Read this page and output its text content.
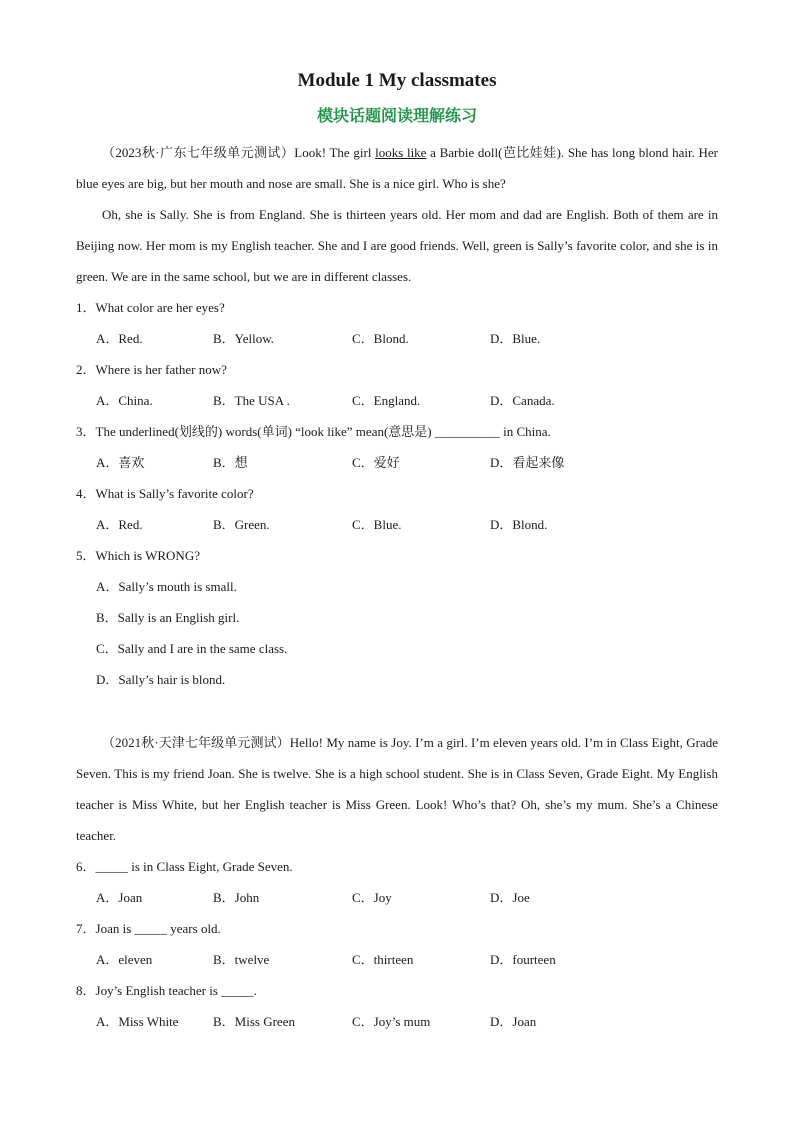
Module 1 My classmates
模块话题阅读理解练习

（2023秋·广东七年级单元测试）Look! The girl looks like a Barbie doll(芭比娃娃). She has long blond hair. Her blue eyes are big, but her mouth and nose are small. She is a nice girl. Who is she?

Oh, she is Sally. She is from England. She is thirteen years old. Her mom and dad are English. Both of them are in Beijing now. Her mom is my English teacher. She and I are good friends. Well, green is Sally’s favorite color, and she is in green. We are in the same school, but we are in different classes.

1．What color are her eyes?
A．Red.	B．Yellow.	C．Blond.	D．Blue.
2．Where is her father now?
A．China.	B．The USA .	C．England.	D．Canada.
3．The underlined(划线的) words(单词) “look like” mean(意思是) __________ in China.
A．喜欢	B．想	C．爱好	D．看起来像
4．What is Sally’s favorite color?
A．Red.	B．Green.	C．Blue.	D．Blond.
5．Which is WRONG?
A．Sally’s mouth is small.
B．Sally is an English girl.
C．Sally and I are in the same class.
D．Sally’s hair is blond.

（2021秋·天津七年级单元测试）Hello! My name is Joy. I’m a girl. I’m eleven years old. I’m in Class Eight, Grade Seven. This is my friend Joan. She is twelve. She is a high school student. She is in Class Seven, Grade Eight. My English teacher is Miss White, but her English teacher is Miss Green. Look! Who’s that? Oh, she’s my mum. She’s a Chinese teacher.

6．_____ is in Class Eight, Grade Seven.
A．Joan	B．John	C．Joy	D．Joe
7．Joan is _____ years old.
A．eleven	B．twelve	C．thirteen	D．fourteen
8．Joy’s English teacher is _____.
A．Miss White	B．Miss Green	C．Joy’s mum	D．Joan
